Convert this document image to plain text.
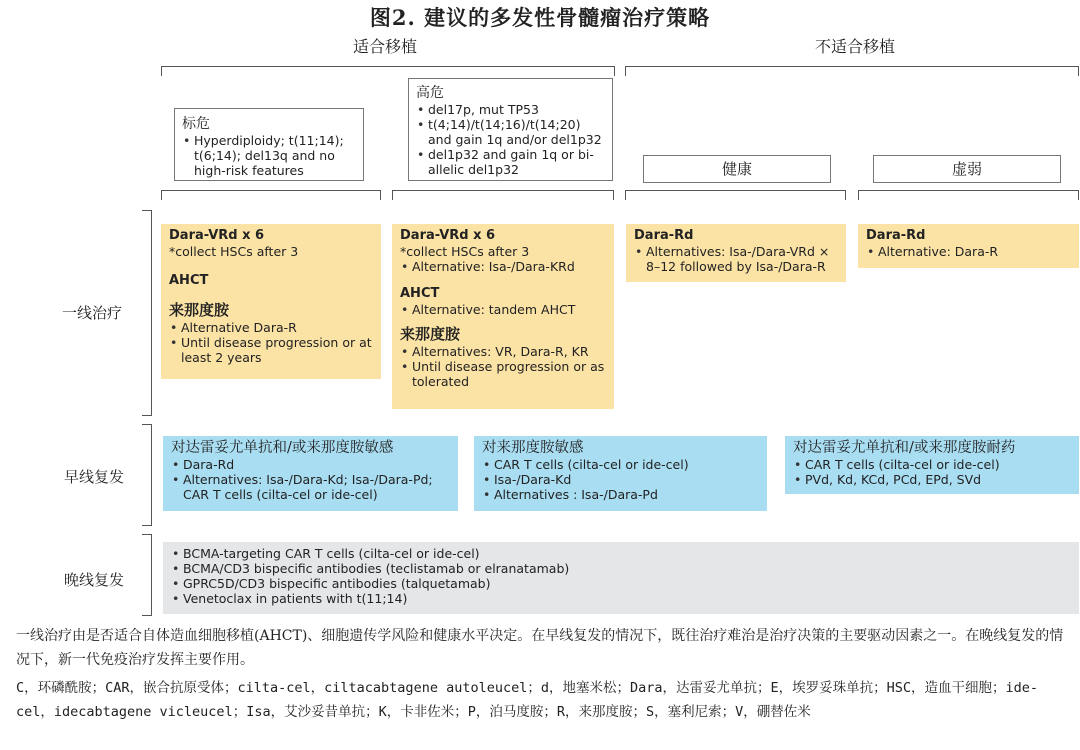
图2. 建议的多发性骨髓瘤治疗策略
适合移植	不适合移植
标危
• Hyperdiploidy; t(11;14); t(6;14); del13q and no high-risk features
高危
• del17p, mut TP53
• t(4;14)/t(14;16)/t(14;20) and gain 1q and/or del1p32
• del1p32 and gain 1q or bi-allelic del1p32	健康	虚弱
一线治疗
早线复发
晚线复发
Dara-VRd x 6
*collect HSCs after 3
AHCT
来那度胺
• Alternative Dara-R
• Until disease progression or at least 2 years
Dara-VRd x 6
*collect HSCs after 3
• Alternative: Isa-/Dara-KRd
AHCT
• Alternative: tandem AHCT
来那度胺
• Alternatives: VR, Dara-R, KR
• Until disease progression or as tolerated
Dara-Rd
• Alternatives: Isa-/Dara-VRd × 8–12 followed by Isa-/Dara-R
Dara-Rd
• Alternative: Dara-R
对达雷妥尤单抗和/或来那度胺敏感
• Dara-Rd
• Alternatives: Isa-/Dara-Kd; Isa-/Dara-Pd; CAR T cells (cilta-cel or ide-cel)
对来那度胺敏感
• CAR T cells (cilta-cel or ide-cel)
• Isa-/Dara-Kd
• Alternatives : Isa-/Dara-Pd
对达雷妥尤单抗和/或来那度胺耐药
• CAR T cells (cilta-cel or ide-cel)
• PVd, Kd, KCd, PCd, EPd, SVd
• BCMA-targeting CAR T cells (cilta-cel or ide-cel)
• BCMA/CD3 bispecific antibodies (teclistamab or elranatamab)
• GPRC5D/CD3 bispecific antibodies (talquetamab)
• Venetoclax in patients with t(11;14)
一线治疗由是否适合自体造血细胞移植(AHCT)、细胞遗传学风险和健康水平决定。在早线复发的情况下，既往治疗难治是治疗决策的主要驱动因素之一。在晚线复发的情况下，新一代免疫治疗发挥主要作用。
C，环磷酰胺；CAR，嵌合抗原受体；cilta-cel，ciltacabtagene autoleucel；d，地塞米松；Dara，达雷妥尤单抗；E，埃罗妥珠单抗；HSC，造血干细胞；ide-cel，idecabtagene vicleucel；Isa，艾沙妥昔单抗；K，卡非佐米；P，泊马度胺；R，来那度胺；S，塞利尼索；V，硼替佐米
